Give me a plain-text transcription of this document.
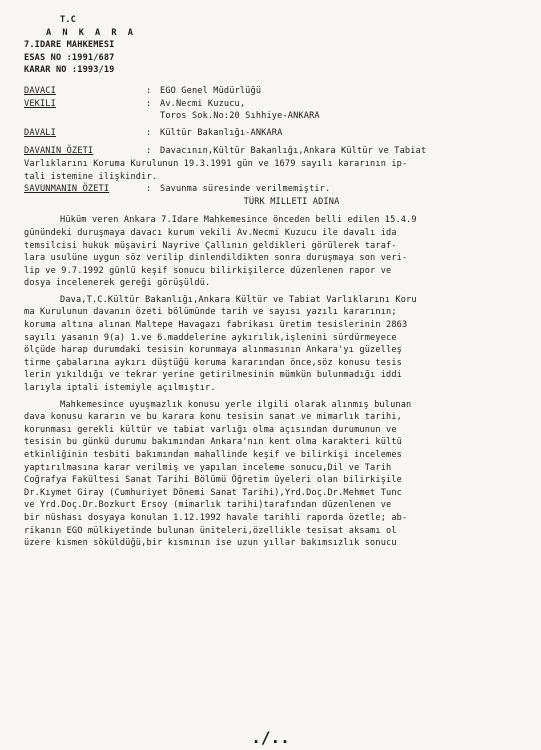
T.C
A N K A R A
7.IDARE MAHKEMESI
ESAS NO :1991/687
KARAR NO :1993/19
DAVACI	:	EGO Genel Müdürlüğü
VEKILI	:	Av.Necmi Kuzucu,
Toros Sok.No:20 Sıhhiye-ANKARA
DAVALI	:	Kültür Bakanlığı-ANKARA
DAVANIN ÖZETI	:	Davacının,Kültür Bakanlığı,Ankara Kültür ve Tabiat
Varlıklarını Koruma Kurulunun 19.3.1991 gün ve 1679 sayılı kararının ip-
tali istemine ilişkindir.
SAVUNMANIN ÖZETI	:	Savunma süresinde verilmemiştir.
TÜRK MILLETI ADINA
Hüküm veren Ankara 7.Idare Mahkemesince önceden belli edilen 15.4.9
günündeki duruşmaya davacı kurum vekili Av.Necmi Kuzucu ile davalı ida
temsilcisi hukuk müşaviri Nayrive Çallının geldikleri görülerek taraf-
lara usulüne uygun söz verilip dinlendildikten sonra duruşmaya son veri-
lip ve 9.7.1992 günlü keşif sonucu bilirkişilerce düzenlenen rapor ve
dosya incelenerek gereği görüşüldü.
Dava,T.C.Kültür Bakanlığı,Ankara Kültür ve Tabiat Varlıklarını Koru
ma Kurulunun davanın özeti bölümünde tarih ve sayısı yazılı kararının;
koruma altına alınan Maltepe Havagazı fabrikası üretim tesislerinin 2863
sayılı yasanın 9(a) 1.ve 6.maddelerine aykırılık,işlenini sürdürmeyece
ölçüde harap durumdaki tesisin korunmaya alınmasının Ankara'yı güzelleş
tirme çabalarına aykırı düştüğü koruma kararından önce,söz konusu tesis
lerin yıkıldığı ve tekrar yerine getirilmesinin mümkün bulunmadığı iddi
larıyla iptali istemiyle açılmıştır.
Mahkemesince uyuşmazlık konusu yerle ilgili olarak alınmış bulunan
dava konusu kararın ve bu karara konu tesisin sanat ve mimarlık tarihi,
korunması gerekli kültür ve tabiat varlığı olma açısından durumunun ve
tesisin bu günkü durumu bakımından Ankara'nın kent olma karakteri kültü
etkinliğinin tesbiti bakımından mahallinde keşif ve bilirkişi incelemes
yaptırılmasına karar verilmiş ve yapılan inceleme sonucu,Dil ve Tarih
Coğrafya Fakültesi Sanat Tarihi Bölümü Öğretim üyeleri olan bilirkişile
Dr.Kıymet Giray (Cumhuriyet Dönemi Sanat Tarihi),Yrd.Doç.Dr.Mehmet Tunc
ve Yrd.Doç.Dr.Bozkurt Ersoy (mimarlık tarihi)tarafından düzenlenen ve
bir nüshası dosyaya konulan 1.12.1992 havale tarihli raporda özetle; ab-
rikanın EGO mülkiyetinde bulunan üniteleri,özellikle tesisat aksamı ol
üzere kısmen söküldüğü,bir kısmının ise uzun yıllar bakımsızlık sonucu
./..
